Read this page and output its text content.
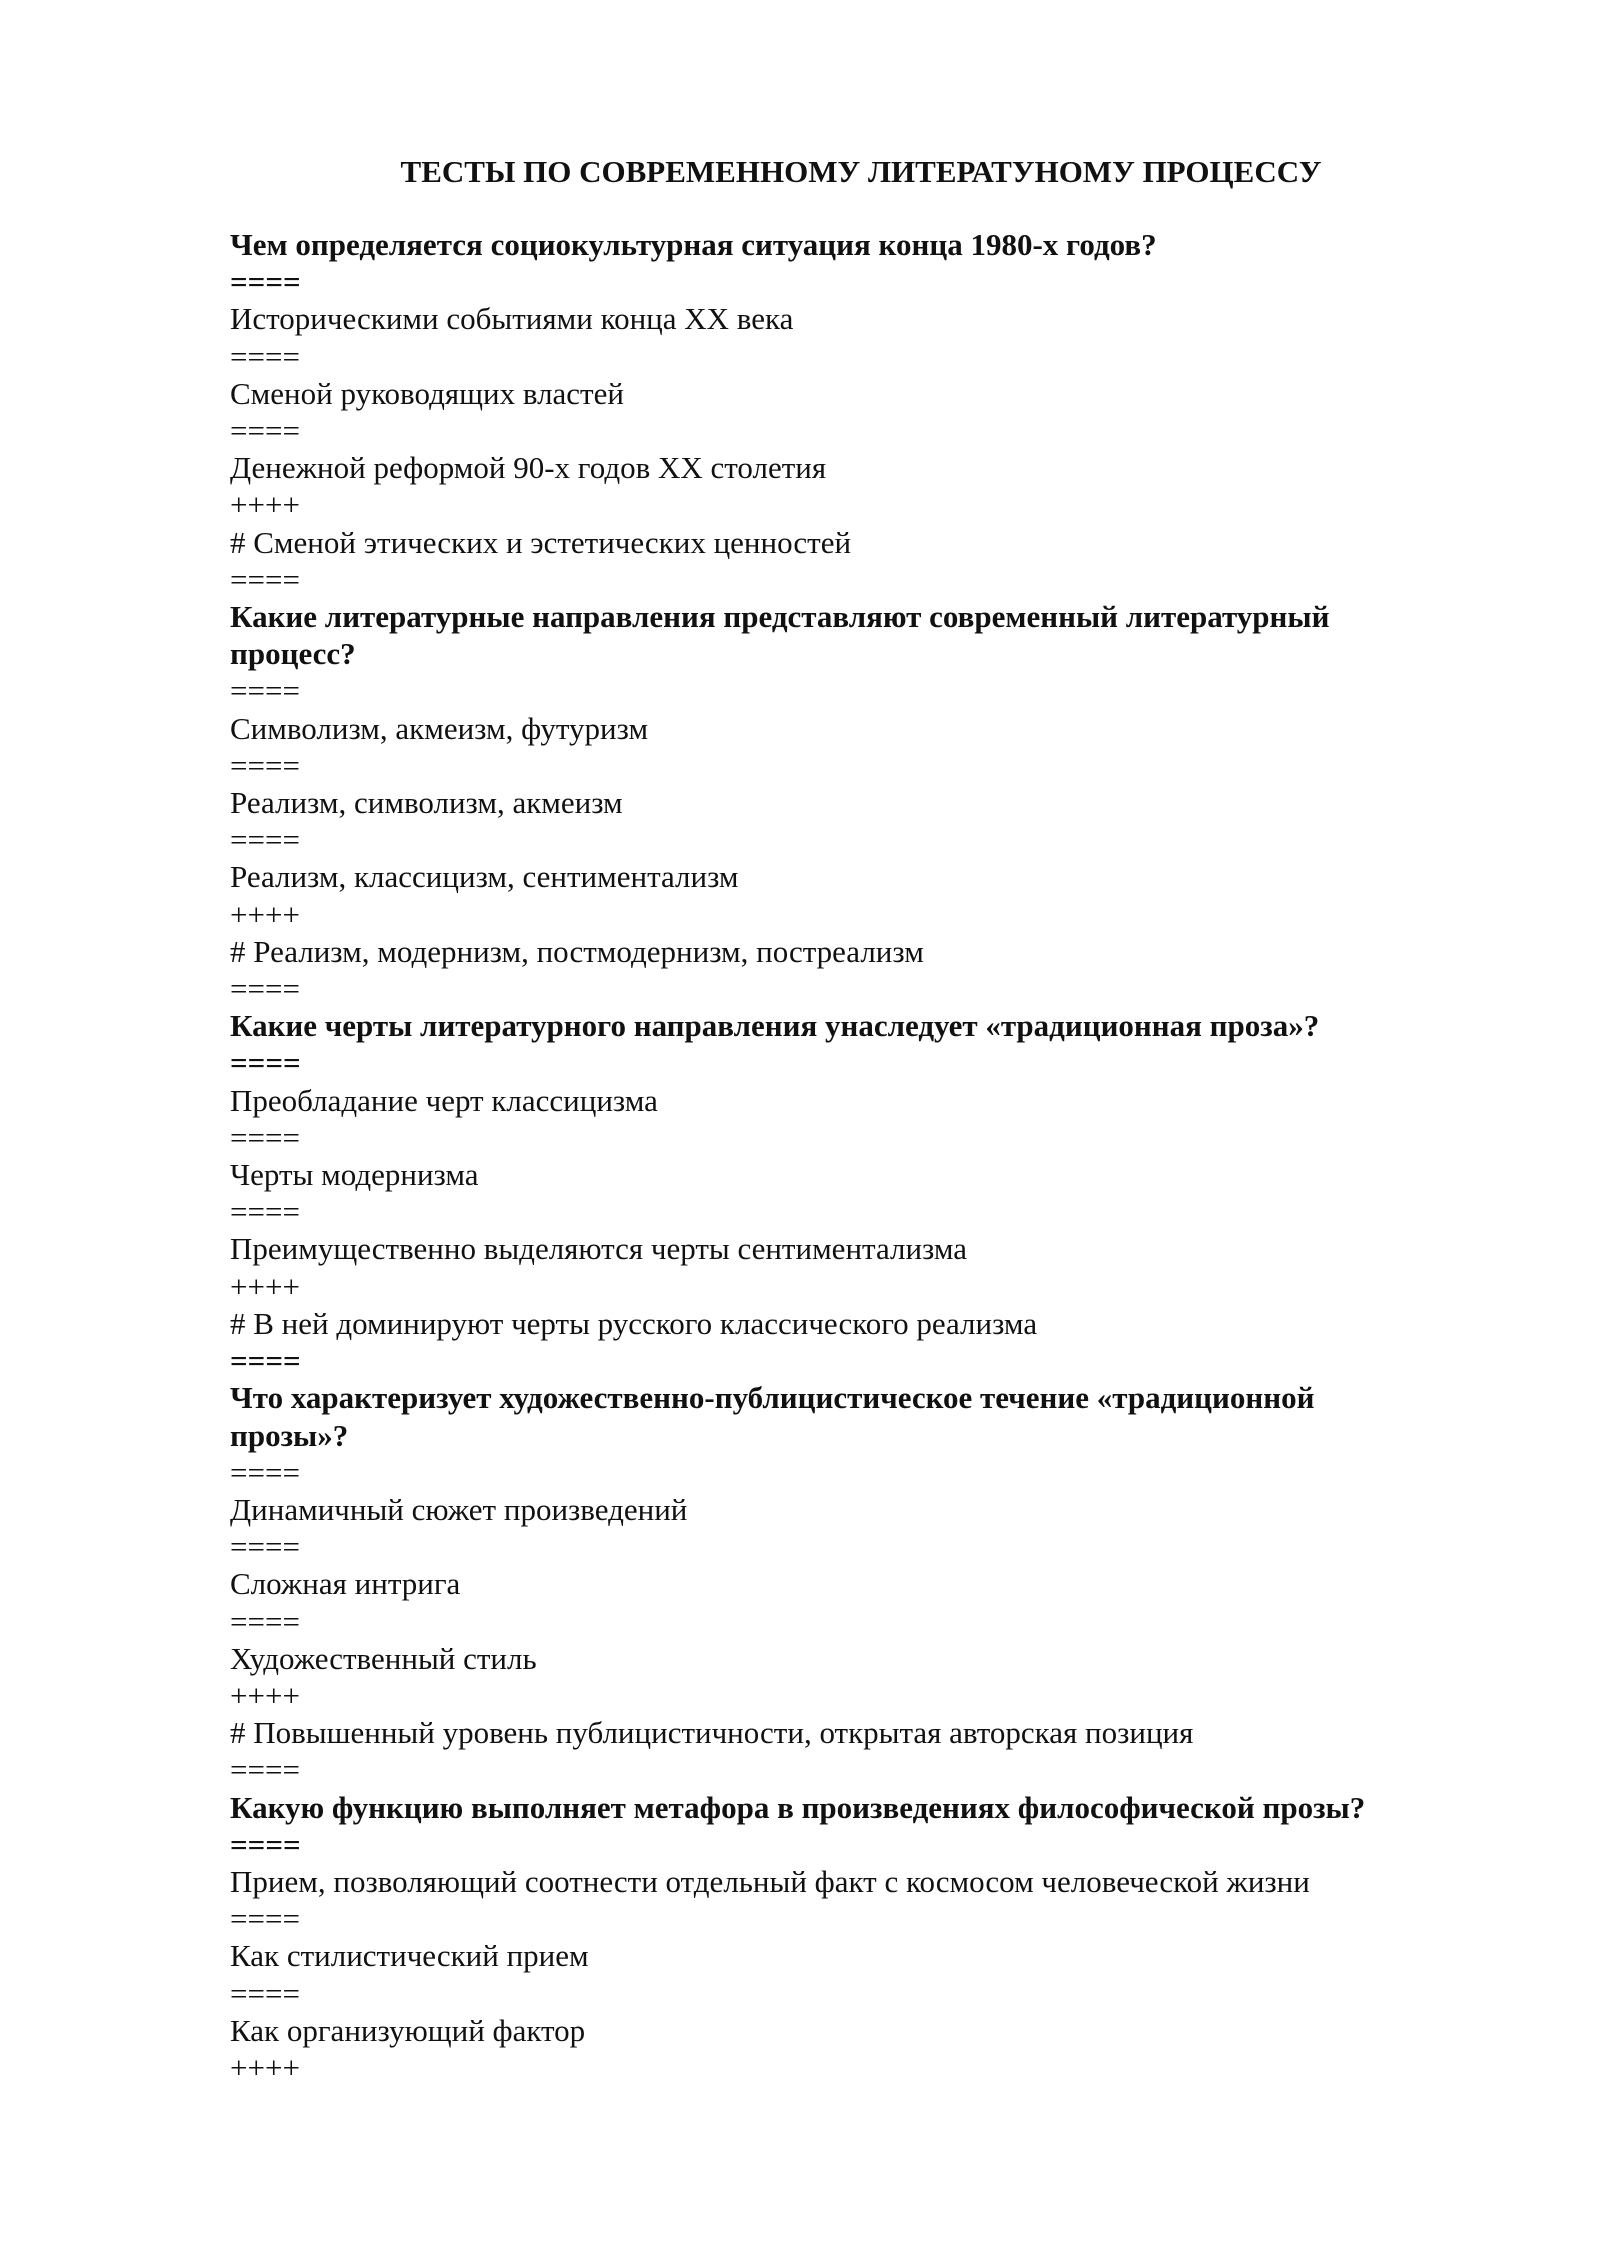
ТЕСТЫ ПО СОВРЕМЕННОМУ ЛИТЕРАТУНОМУ ПРОЦЕССУ

Чем определяется социокультурная ситуация конца 1980-х годов?

====

Историческими событиями конца XX века

====

Сменой руководящих властей

====

Денежной реформой 90-х годов XX столетия

++++

# Сменой этических и эстетических ценностей

====

Какие литературные направления представляют современный литературный процесс?

====

Символизм, акмеизм, футуризм

====

Реализм, символизм, акмеизм

====

Реализм, классицизм, сентиментализм

++++

# Реализм, модернизм, постмодернизм, постреализм

====

Какие черты литературного направления унаследует «традиционная проза»?

====

Преобладание черт классицизма

====

Черты модернизма

====

Преимущественно выделяются черты сентиментализма

++++

# В ней доминируют черты русского классического реализма

====

Что характеризует художественно-публицистическое течение «традиционной прозы»?

====

Динамичный сюжет произведений

====

Сложная интрига

====

Художественный стиль

++++

# Повышенный уровень публицистичности, открытая авторская позиция

====

Какую функцию выполняет метафора в произведениях философической прозы?

====

Прием, позволяющий соотнести отдельный факт с космосом человеческой жизни

====

Как стилистический прием

====

Как организующий фактор

++++
